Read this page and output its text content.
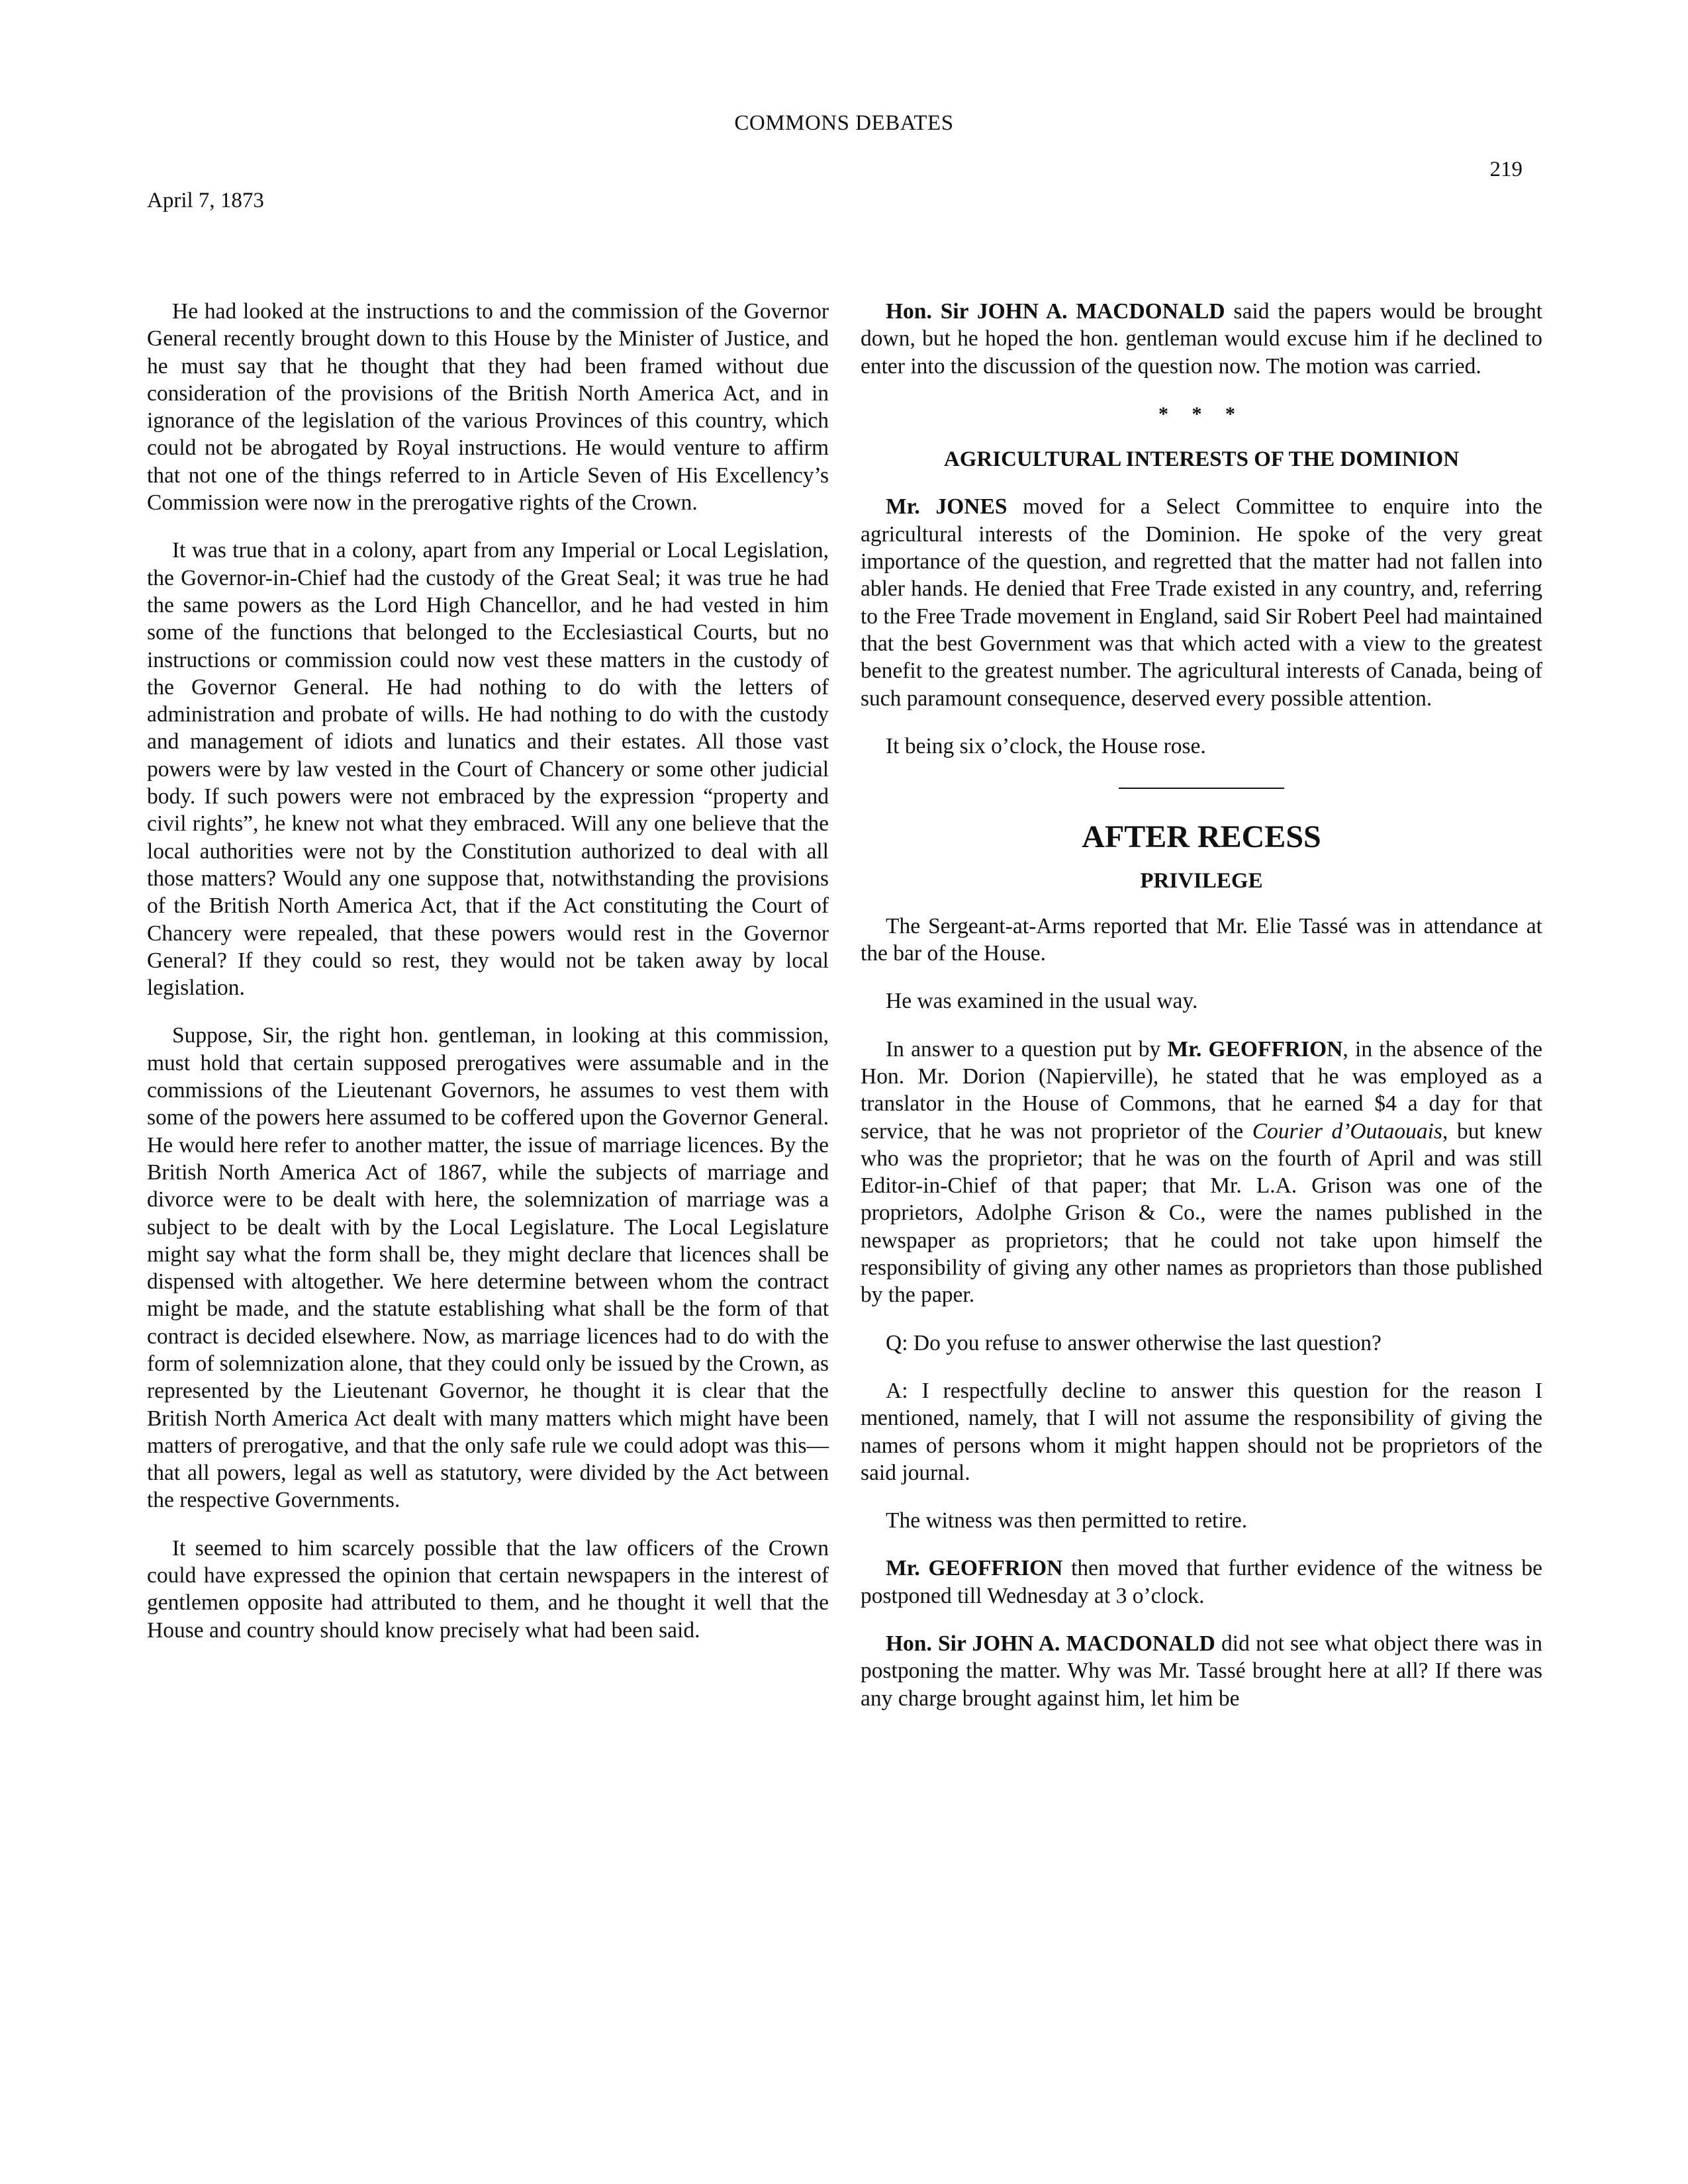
COMMONS DEBATES
219
April 7, 1873

He had looked at the instructions to and the commission of the Governor General recently brought down to this House by the Minister of Justice, and he must say that he thought that they had been framed without due consideration of the provisions of the British North America Act, and in ignorance of the legislation of the various Provinces of this country, which could not be abrogated by Royal instructions. He would venture to affirm that not one of the things referred to in Article Seven of His Excellency’s Commission were now in the prerogative rights of the Crown.

It was true that in a colony, apart from any Imperial or Local Legislation, the Governor-in-Chief had the custody of the Great Seal; it was true he had the same powers as the Lord High Chancellor, and he had vested in him some of the functions that belonged to the Ecclesiastical Courts, but no instructions or commission could now vest these matters in the custody of the Governor General. He had nothing to do with the letters of administration and probate of wills. He had nothing to do with the custody and management of idiots and lunatics and their estates. All those vast powers were by law vested in the Court of Chancery or some other judicial body. If such powers were not embraced by the expression “property and civil rights”, he knew not what they embraced. Will any one believe that the local authorities were not by the Constitution authorized to deal with all those matters? Would any one suppose that, notwithstanding the provisions of the British North America Act, that if the Act constituting the Court of Chancery were repealed, that these powers would rest in the Governor General? If they could so rest, they would not be taken away by local legislation.

Suppose, Sir, the right hon. gentleman, in looking at this commission, must hold that certain supposed prerogatives were assumable and in the commissions of the Lieutenant Governors, he assumes to vest them with some of the powers here assumed to be coffered upon the Governor General. He would here refer to another matter, the issue of marriage licences. By the British North America Act of 1867, while the subjects of marriage and divorce were to be dealt with here, the solemnization of marriage was a subject to be dealt with by the Local Legislature. The Local Legislature might say what the form shall be, they might declare that licences shall be dispensed with altogether. We here determine between whom the contract might be made, and the statute establishing what shall be the form of that contract is decided elsewhere. Now, as marriage licences had to do with the form of solemnization alone, that they could only be issued by the Crown, as represented by the Lieutenant Governor, he thought it is clear that the British North America Act dealt with many matters which might have been matters of prerogative, and that the only safe rule we could adopt was this—that all powers, legal as well as statutory, were divided by the Act between the respective Governments.

It seemed to him scarcely possible that the law officers of the Crown could have expressed the opinion that certain newspapers in the interest of gentlemen opposite had attributed to them, and he thought it well that the House and country should know precisely what had been said.

Hon. Sir JOHN A. MACDONALD said the papers would be brought down, but he hoped the hon. gentleman would excuse him if he declined to enter into the discussion of the question now. The motion was carried.

* * *
AGRICULTURAL INTERESTS OF THE DOMINION

Mr. JONES moved for a Select Committee to enquire into the agricultural interests of the Dominion. He spoke of the very great importance of the question, and regretted that the matter had not fallen into abler hands. He denied that Free Trade existed in any country, and, referring to the Free Trade movement in England, said Sir Robert Peel had maintained that the best Government was that which acted with a view to the greatest benefit to the greatest number. The agricultural interests of Canada, being of such paramount consequence, deserved every possible attention.

It being six o’clock, the House rose.

AFTER RECESS
PRIVILEGE

The Sergeant-at-Arms reported that Mr. Elie Tassé was in attendance at the bar of the House.

He was examined in the usual way.

In answer to a question put by Mr. GEOFFRION, in the absence of the Hon. Mr. Dorion (Napierville), he stated that he was employed as a translator in the House of Commons, that he earned $4 a day for that service, that he was not proprietor of the Courier d’Outaouais, but knew who was the proprietor; that he was on the fourth of April and was still Editor-in-Chief of that paper; that Mr. L.A. Grison was one of the proprietors, Adolphe Grison & Co., were the names published in the newspaper as proprietors; that he could not take upon himself the responsibility of giving any other names as proprietors than those published by the paper.

Q: Do you refuse to answer otherwise the last question?

A: I respectfully decline to answer this question for the reason I mentioned, namely, that I will not assume the responsibility of giving the names of persons whom it might happen should not be proprietors of the said journal.

The witness was then permitted to retire.

Mr. GEOFFRION then moved that further evidence of the witness be postponed till Wednesday at 3 o’clock.

Hon. Sir JOHN A. MACDONALD did not see what object there was in postponing the matter. Why was Mr. Tassé brought here at all? If there was any charge brought against him, let him be
